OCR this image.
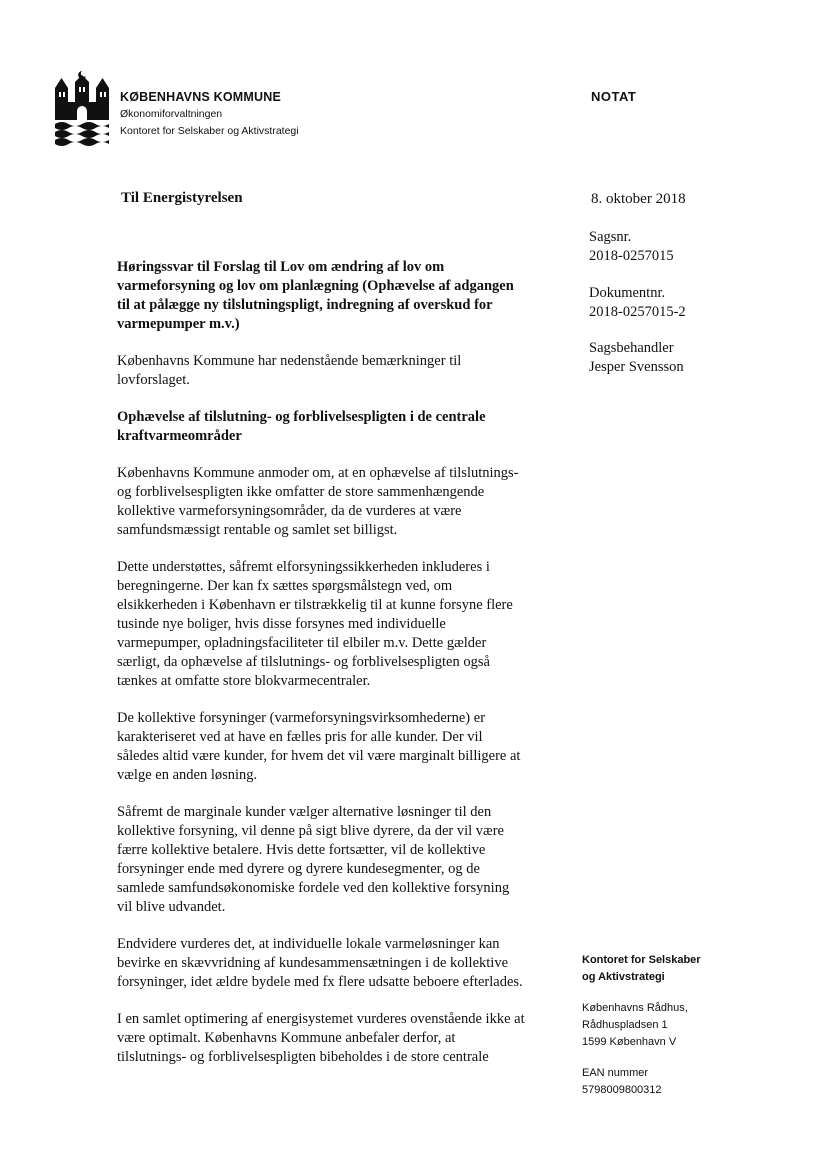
KØBENHAVNS KOMMUNE
Økonomiforvaltningen
Kontoret for Selskaber og Aktivstrategi
NOTAT
Til Energistyrelsen	8. oktober 2018
Sagsnr.
2018-0257015
Dokumentnr.
2018-0257015-2
Sagsbehandler
Jesper Svensson

Høringssvar til Forslag til Lov om ændring af lov om
varmeforsyning og lov om planlægning (Ophævelse af adgangen
til at pålægge ny tilslutningspligt, indregning af overskud for
varmepumper m.v.)

Københavns Kommune har nedenstående bemærkninger til
lovforslaget.

Ophævelse af tilslutning- og forblivelsespligten i de centrale
kraftvarmeområder

Københavns Kommune anmoder om, at en ophævelse af tilslutnings-
og forblivelsespligten ikke omfatter de store sammenhængende
kollektive varmeforsyningsområder, da de vurderes at være
samfundsmæssigt rentable og samlet set billigst.

Dette understøttes, såfremt elforsyningssikkerheden inkluderes i
beregningerne. Der kan fx sættes spørgsmålstegn ved, om
elsikkerheden i København er tilstrækkelig til at kunne forsyne flere
tusinde nye boliger, hvis disse forsynes med individuelle
varmepumper, opladningsfaciliteter til elbiler m.v. Dette gælder
særligt, da ophævelse af tilslutnings- og forblivelsespligten også
tænkes at omfatte store blokvarmecentraler.

De kollektive forsyninger (varmeforsyningsvirksomhederne) er
karakteriseret ved at have en fælles pris for alle kunder. Der vil
således altid være kunder, for hvem det vil være marginalt billigere at
vælge en anden løsning.

Såfremt de marginale kunder vælger alternative løsninger til den
kollektive forsyning, vil denne på sigt blive dyrere, da der vil være
færre kollektive betalere. Hvis dette fortsætter, vil de kollektive
forsyninger ende med dyrere og dyrere kundesegmenter, og de
samlede samfundsøkonomiske fordele ved den kollektive forsyning
vil blive udvandet.

Endvidere vurderes det, at individuelle lokale varmeløsninger kan
bevirke en skævvridning af kundesammensætningen i de kollektive
forsyninger, idet ældre bydele med fx flere udsatte beboere efterlades.

I en samlet optimering af energisystemet vurderes ovenstående ikke at
være optimalt. Københavns Kommune anbefaler derfor, at
tilslutnings- og forblivelsespligten bibeholdes i de store centrale

Kontoret for Selskaber
og Aktivstrategi
Københavns Rådhus,
Rådhuspladsen 1
1599 København V
EAN nummer
5798009800312
